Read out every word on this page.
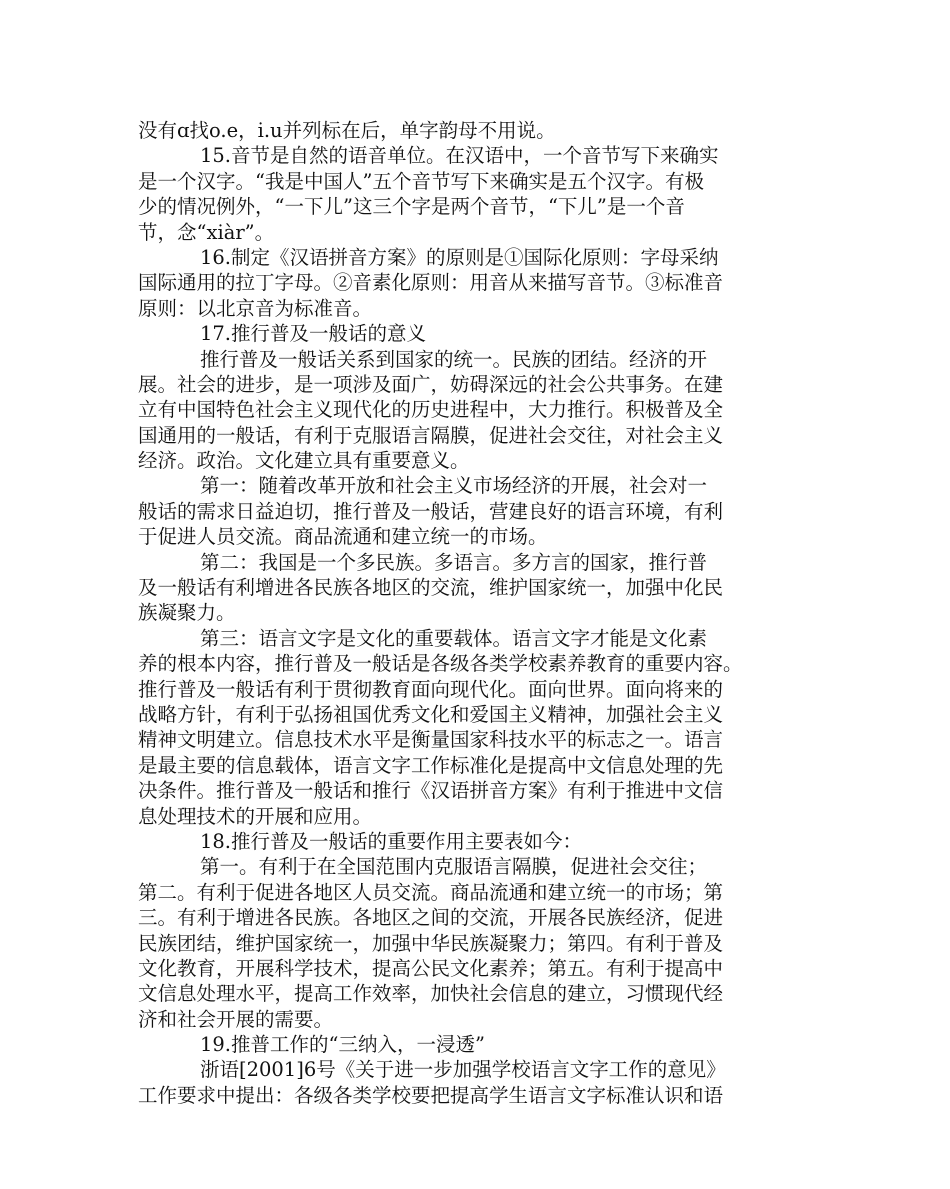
没有ɑ找o.e，i.u并列标在后，单字韵母不用说。
15.音节是自然的语音单位。在汉语中，一个音节写下来确实
是一个汉字。“我是中国人”五个音节写下来确实是五个汉字。有极
少的情况例外，“一下儿”这三个字是两个音节，“下儿”是一个音
节，念“xiàr”。
16.制定《汉语拼音方案》的原则是①国际化原则：字母采纳
国际通用的拉丁字母。②音素化原则：用音从来描写音节。③标准音
原则：以北京音为标准音。
17.推行普及一般话的意义
推行普及一般话关系到国家的统一。民族的团结。经济的开
展。社会的进步，是一项涉及面广，妨碍深远的社会公共事务。在建
立有中国特色社会主义现代化的历史进程中，大力推行。积极普及全
国通用的一般话，有利于克服语言隔膜，促进社会交往，对社会主义
经济。政治。文化建立具有重要意义。
第一：随着改革开放和社会主义市场经济的开展，社会对一
般话的需求日益迫切，推行普及一般话，营建良好的语言环境，有利
于促进人员交流。商品流通和建立统一的市场。
第二：我国是一个多民族。多语言。多方言的国家，推行普
及一般话有利增进各民族各地区的交流，维护国家统一，加强中化民
族凝聚力。
第三：语言文字是文化的重要载体。语言文字才能是文化素
养的根本内容，推行普及一般话是各级各类学校素养教育的重要内容。
推行普及一般话有利于贯彻教育面向现代化。面向世界。面向将来的
战略方针，有利于弘扬祖国优秀文化和爱国主义精神，加强社会主义
精神文明建立。信息技术水平是衡量国家科技水平的标志之一。语言
是最主要的信息载体，语言文字工作标准化是提高中文信息处理的先
决条件。推行普及一般话和推行《汉语拼音方案》有利于推进中文信
息处理技术的开展和应用。
18.推行普及一般话的重要作用主要表如今：
第一。有利于在全国范围内克服语言隔膜，促进社会交往；
第二。有利于促进各地区人员交流。商品流通和建立统一的市场；第
三。有利于增进各民族。各地区之间的交流，开展各民族经济，促进
民族团结，维护国家统一，加强中华民族凝聚力；第四。有利于普及
文化教育，开展科学技术，提高公民文化素养；第五。有利于提高中
文信息处理水平，提高工作效率，加快社会信息的建立，习惯现代经
济和社会开展的需要。
19.推普工作的“三纳入，一浸透”
浙语[2001]6号《关于进一步加强学校语言文字工作的意见》
工作要求中提出：各级各类学校要把提高学生语言文字标准认识和语
